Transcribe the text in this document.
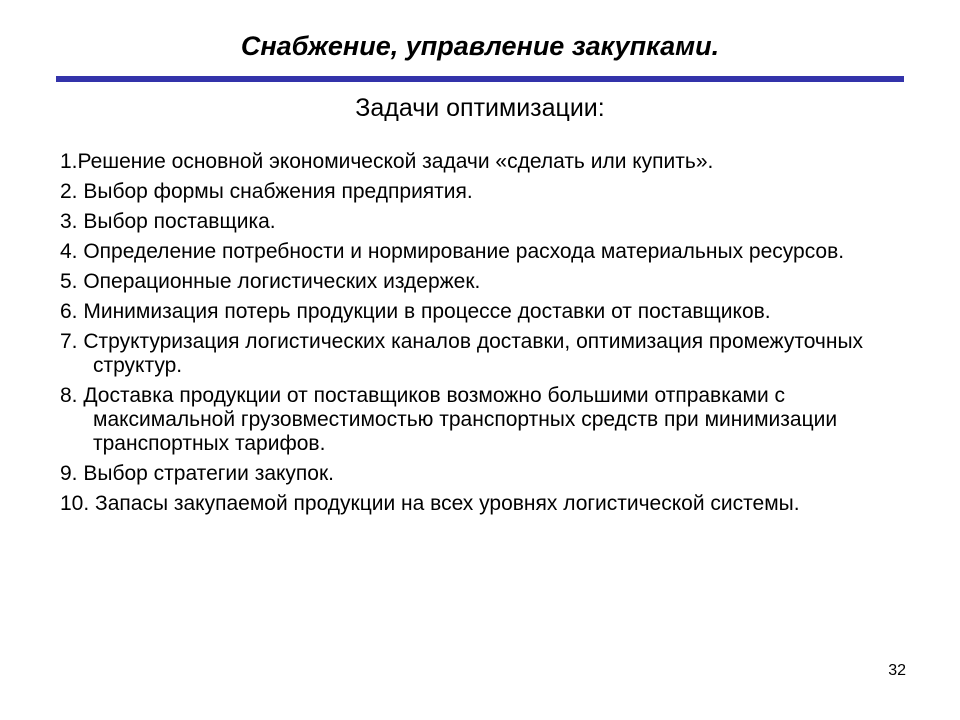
Снабжение, управление закупками.
Задачи оптимизации:
1.Решение основной экономической задачи «сделать или купить».
2. Выбор формы снабжения предприятия.
3. Выбор поставщика.
4. Определение потребности и нормирование расхода материальных ресурсов.
5. Операционные логистических издержек.
6. Минимизация потерь продукции в процессе доставки от поставщиков.
7. Структуризация логистических каналов доставки, оптимизация промежуточных структур.
8. Доставка продукции от поставщиков возможно большими отправками с максимальной грузовместимостью транспортных средств при минимизации транспортных тарифов.
9. Выбор стратегии закупок.
10. Запасы закупаемой продукции на всех уровнях логистической системы.
32
